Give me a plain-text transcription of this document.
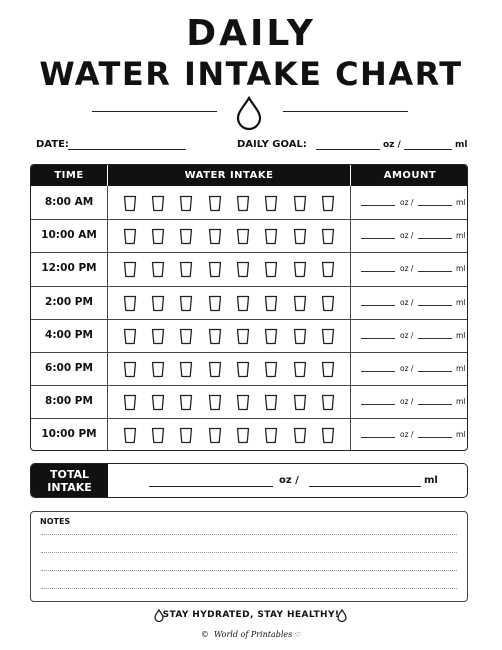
DAILY
WATER INTAKE CHART
DATE:	DAILY GOAL:	oz /	ml
TIME	WATER INTAKE	AMOUNT
8:00 AM	oz /	ml
10:00 AM	oz /	ml
12:00 PM	oz /	ml
2:00 PM	oz /	ml
4:00 PM	oz /	ml
6:00 PM	oz /	ml
8:00 PM	oz /	ml
10:00 PM	oz /	ml
TOTAL
INTAKE	oz /	ml
NOTES
STAY HYDRATED, STAY HEALTHY!
© World of Printables ♡
